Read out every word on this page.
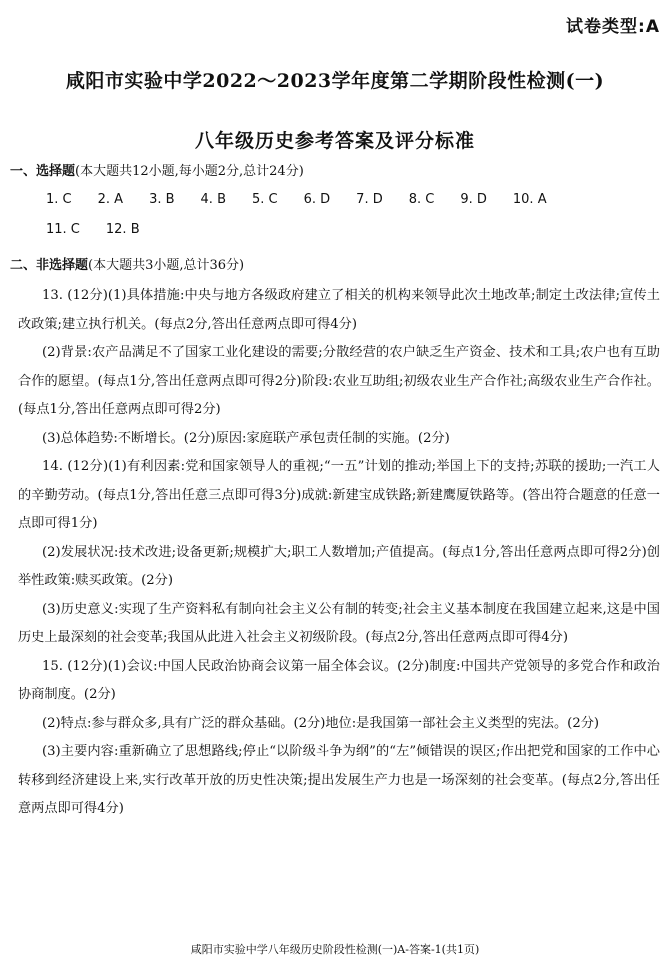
试卷类型:A
咸阳市实验中学2022～2023学年度第二学期阶段性检测(一)
八年级历史参考答案及评分标准
一、选择题(本大题共12小题,每小题2分,总计24分)
1. C 2. A 3. B 4. B 5. C 6. D 7. D 8. C 9. D 10. A
11. C 12. B
二、非选择题(本大题共3小题,总计36分)

13. (12分)(1)具体措施:中央与地方各级政府建立了相关的机构来领导此次土地改革;制定土改法律;宣传土改政策;建立执行机关。(每点2分,答出任意两点即可得4分)

(2)背景:农产品满足不了国家工业化建设的需要;分散经营的农户缺乏生产资金、技术和工具;农户也有互助合作的愿望。(每点1分,答出任意两点即可得2分)阶段:农业互助组;初级农业生产合作社;高级农业生产合作社。(每点1分,答出任意两点即可得2分)

(3)总体趋势:不断增长。(2分)原因:家庭联产承包责任制的实施。(2分)

14. (12分)(1)有利因素:党和国家领导人的重视;“一五”计划的推动;举国上下的支持;苏联的援助;一汽工人的辛勤劳动。(每点1分,答出任意三点即可得3分)成就:新建宝成铁路;新建鹰厦铁路等。(答出符合题意的任意一点即可得1分)

(2)发展状况:技术改进;设备更新;规模扩大;职工人数增加;产值提高。(每点1分,答出任意两点即可得2分)创举性政策:赎买政策。(2分)

(3)历史意义:实现了生产资料私有制向社会主义公有制的转变;社会主义基本制度在我国建立起来,这是中国历史上最深刻的社会变革;我国从此进入社会主义初级阶段。(每点2分,答出任意两点即可得4分)

15. (12分)(1)会议:中国人民政治协商会议第一届全体会议。(2分)制度:中国共产党领导的多党合作和政治协商制度。(2分)

(2)特点:参与群众多,具有广泛的群众基础。(2分)地位:是我国第一部社会主义类型的宪法。(2分)

(3)主要内容:重新确立了思想路线;停止“以阶级斗争为纲”的“左”倾错误的误区;作出把党和国家的工作中心转移到经济建设上来,实行改革开放的历史性决策;提出发展生产力也是一场深刻的社会变革。(每点2分,答出任意两点即可得4分)

咸阳市实验中学八年级历史阶段性检测(一)A-答案-1(共1页)
